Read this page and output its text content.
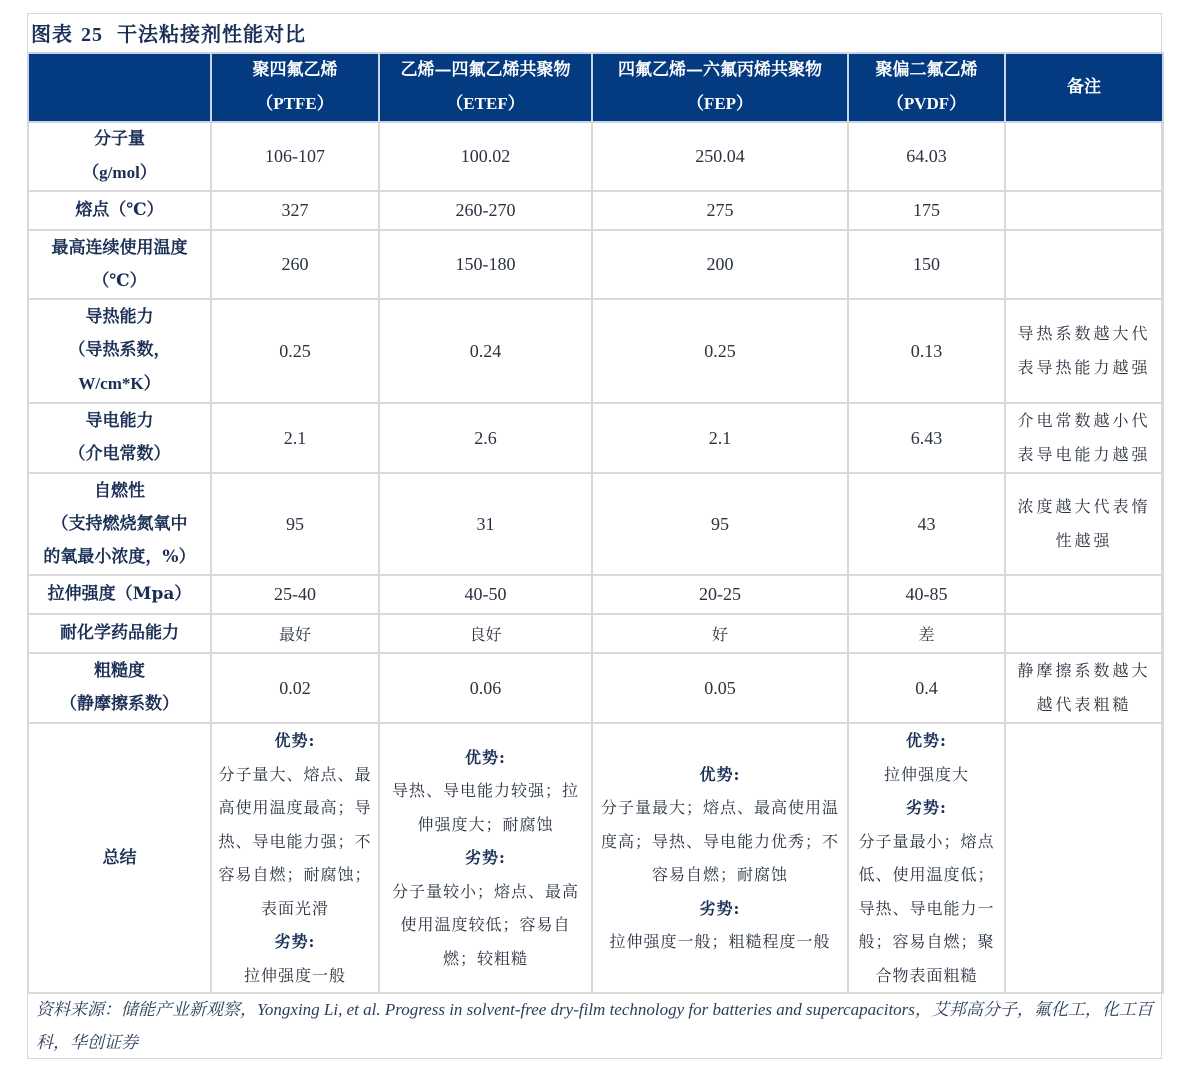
图表 25 干法粘接剂性能对比
	聚四氟乙烯
（PTFE）	乙烯—四氟乙烯共聚物
（ETEF）	四氟乙烯—六氟丙烯共聚物
（FEP）	聚偏二氟乙烯
（PVDF）	备注
分子量
（g/mol）	106-107	100.02	250.04	64.03	
熔点（℃）	327	260-270	275	175	
最高连续使用温度
（℃）	260	150-180	200	150	
导热能力
（导热系数，
W/cm*K）	0.25	0.24	0.25	0.13	导热系数越大代表导热能力越强
导电能力
（介电常数）	2.1	2.6	2.1	6.43	介电常数越小代表导电能力越强
自燃性
（支持燃烧氮氧中
的氧最小浓度，%）	95	31	95	43	浓度越大代表惰性越强
拉伸强度（Mpa）	25-40	40-50	20-25	40-85	
耐化学药品能力	最好	良好	好	差	
粗糙度
（静摩擦系数）	0.02	0.06	0.05	0.4	静摩擦系数越大越代表粗糙
总结	优势:
分子量大、熔点、最高使用温度最高；导热、导电能力强；不容易自燃；耐腐蚀；表面光滑
劣势:
拉伸强度一般	优势:
导热、导电能力较强；拉伸强度大；耐腐蚀
劣势:
分子量较小；熔点、最高使用温度较低；容易自燃；较粗糙	优势:
分子量最大；熔点、最高使用温度高；导热、导电能力优秀；不容易自燃；耐腐蚀
劣势:
拉伸强度一般；粗糙程度一般	优势:
拉伸强度大
劣势:
分子量最小；熔点低、使用温度低；导热、导电能力一般；容易自燃；聚合物表面粗糙	

资料来源：储能产业新观察，Yongxing Li, et al. Progress in solvent-free dry-film technology for batteries and supercapacitors，艾邦高分子，氟化工，化工百科，华创证券
